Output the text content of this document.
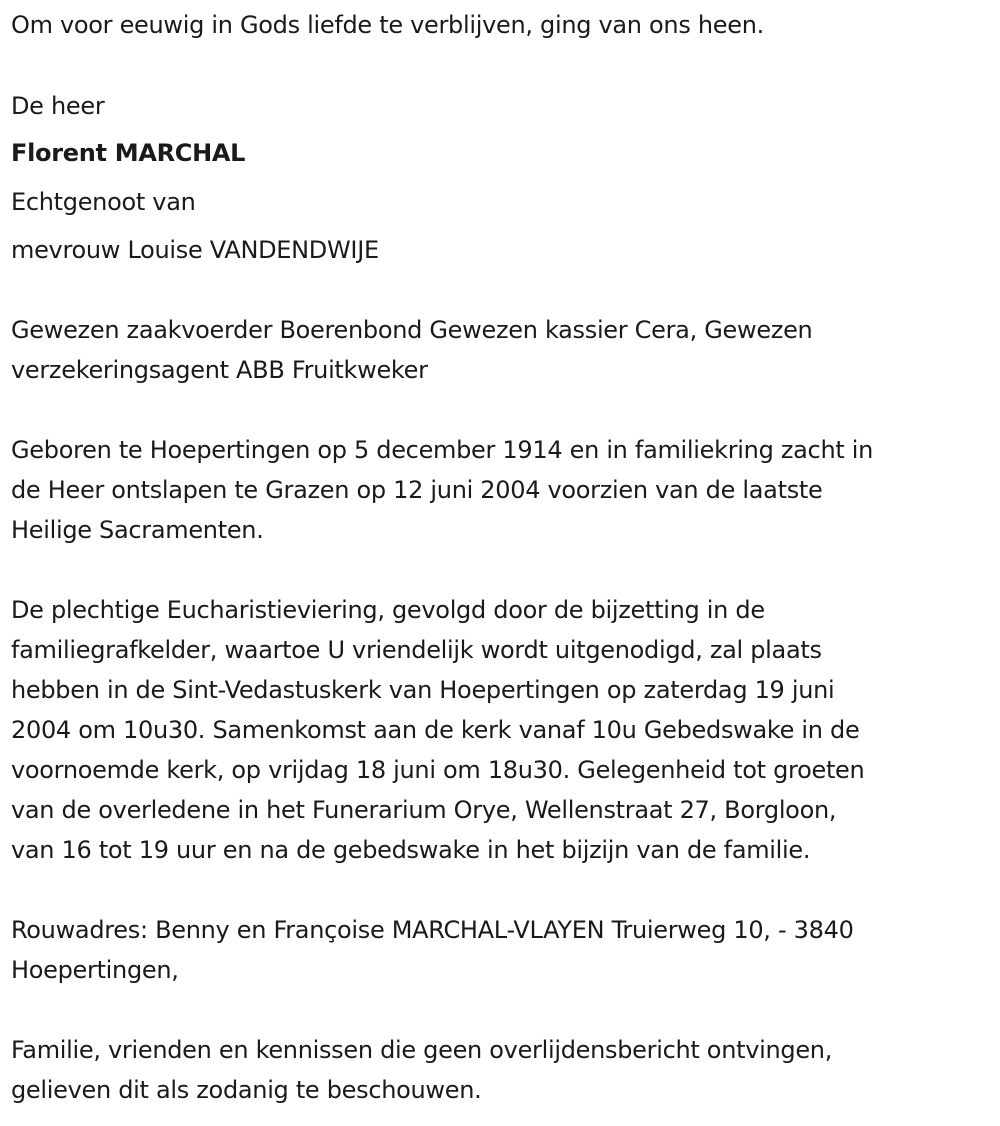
Om voor eeuwig in Gods liefde te verblijven, ging van ons heen.
De heer
Florent MARCHAL
Echtgenoot van
mevrouw Louise VANDENDWIJE
Gewezen zaakvoerder Boerenbond Gewezen kassier Cera, Gewezen
verzekeringsagent ABB Fruitkweker
Geboren te Hoepertingen op 5 december 1914 en in familiekring zacht in
de Heer ontslapen te Grazen op 12 juni 2004 voorzien van de laatste
Heilige Sacramenten.
De plechtige Eucharistieviering, gevolgd door de bijzetting in de
familiegrafkelder, waartoe U vriendelijk wordt uitgenodigd, zal plaats
hebben in de Sint-Vedastuskerk van Hoepertingen op zaterdag 19 juni
2004 om 10u30. Samenkomst aan de kerk vanaf 10u Gebedswake in de
voornoemde kerk, op vrijdag 18 juni om 18u30. Gelegenheid tot groeten
van de overledene in het Funerarium Orye, Wellenstraat 27, Borgloon,
van 16 tot 19 uur en na de gebedswake in het bijzijn van de familie.
Rouwadres: Benny en Françoise MARCHAL-VLAYEN Truierweg 10, - 3840
Hoepertingen,
Familie, vrienden en kennissen die geen overlijdensbericht ontvingen,
gelieven dit als zodanig te beschouwen.
